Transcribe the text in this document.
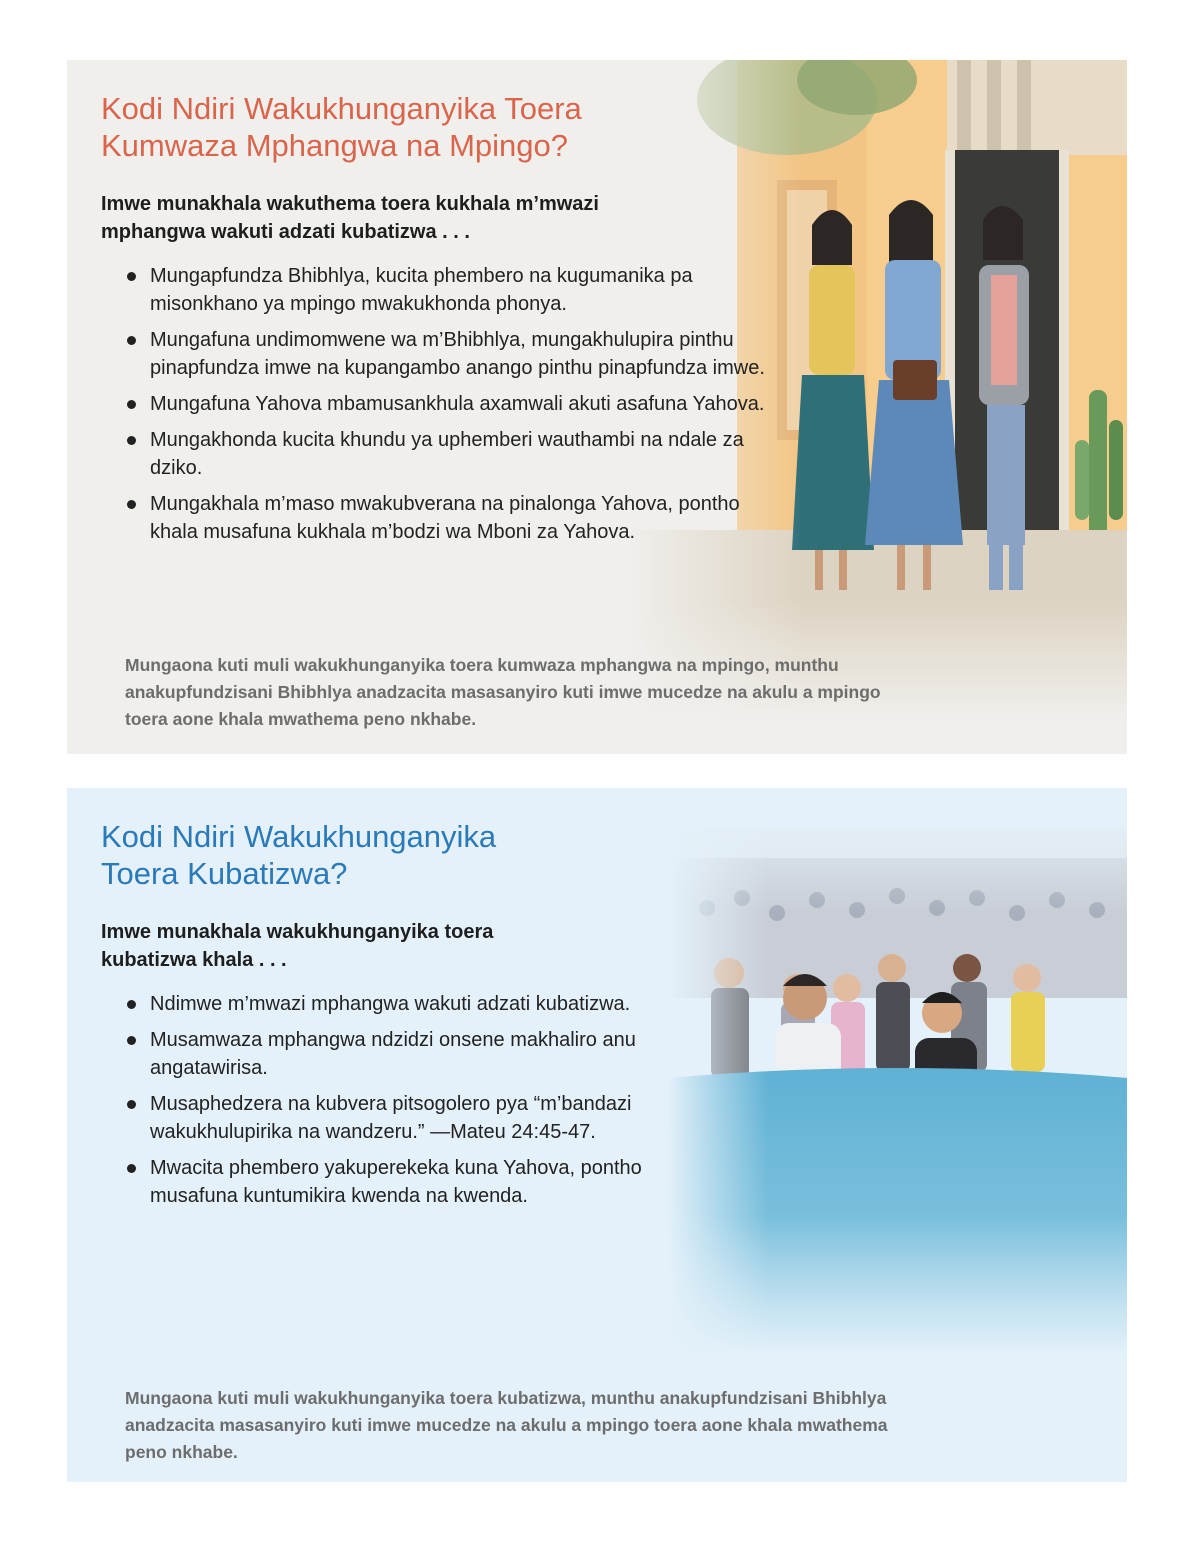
Kodi Ndiri Wakukhunganyika Toera
Kumwaza Mphangwa na Mpingo?

Imwe munakhala wakuthema toera kukhala m’mwazi mphangwa wakuti adzati kubatizwa . . .

Mungapfundza Bhibhlya, kucita phembero na kugumanika pa misonkhano ya mpingo mwakukhonda phonya.
Mungafuna undimomwene wa m’Bhibhlya, mungakhulupira pinthu pinapfundza imwe na kupangambo anango pinthu pinapfundza imwe.
Mungafuna Yahova mbamusankhula axamwali akuti asafuna Yahova.
Mungakhonda kucita khundu ya uphemberi wauthambi na ndale za dziko.
Mungakhala m’maso mwakubverana na pinalonga Yahova, pontho khala musafuna kukhala m’bodzi wa Mboni za Yahova.

Mungaona kuti muli wakukhunganyika toera kumwaza mphangwa na mpingo, munthu anakupfundzisani Bhibhlya anadzacita masasanyiro kuti imwe mucedze na akulu a mpingo toera aone khala mwathema peno nkhabe.

Kodi Ndiri Wakukhunganyika
Toera Kubatizwa?

Imwe munakhala wakukhunganyika toera kubatizwa khala . . .

Ndimwe m’mwazi mphangwa wakuti adzati kubatizwa.
Musamwaza mphangwa ndzidzi onsene makhaliro anu angatawirisa.
Musaphedzera na kubvera pitsogolero pya “m’bandazi wakukhulupirika na wandzeru.” —Mateu 24:45-47.
Mwacita phembero yakuperekeka kuna Yahova, pontho musafuna kuntumikira kwenda na kwenda.

Mungaona kuti muli wakukhunganyika toera kubatizwa, munthu anakupfundzisani Bhibhlya anadzacita masasanyiro kuti imwe mucedze na akulu a mpingo toera aone khala mwathema peno nkhabe.
